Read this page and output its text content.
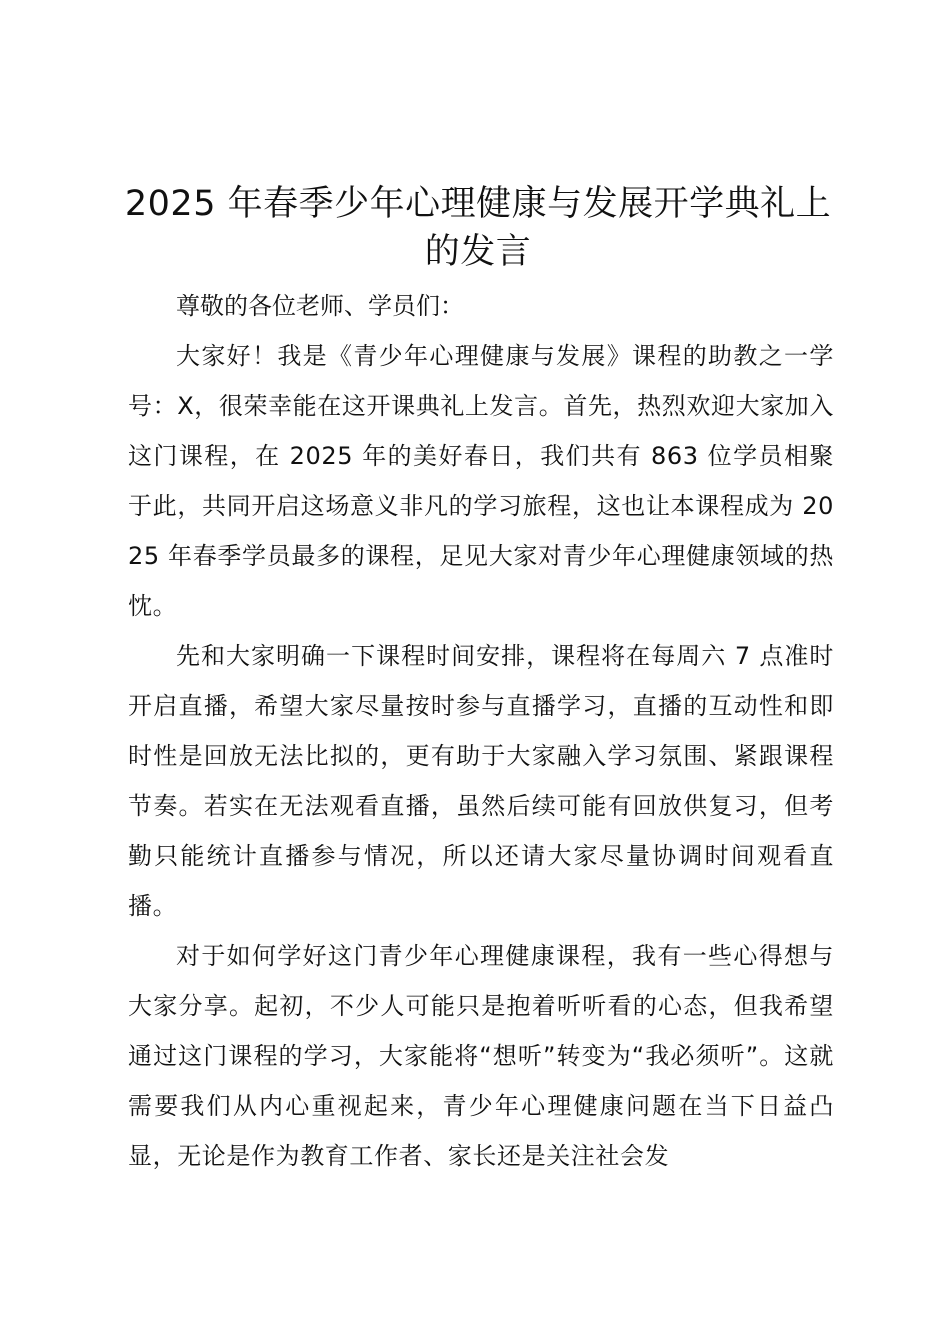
2025 年春季少年心理健康与发展开学典礼上的发言

尊敬的各位老师、学员们：

大家好！我是《青少年心理健康与发展》课程的助教之一学号：X，很荣幸能在这开课典礼上发言。首先，热烈欢迎大家加入这门课程，在 2025 年的美好春日，我们共有 863 位学员相聚于此，共同开启这场意义非凡的学习旅程，这也让本课程成为 2025 年春季学员最多的课程，足见大家对青少年心理健康领域的热忱。

先和大家明确一下课程时间安排，课程将在每周六 7 点准时开启直播，希望大家尽量按时参与直播学习，直播的互动性和即时性是回放无法比拟的，更有助于大家融入学习氛围、紧跟课程节奏。若实在无法观看直播，虽然后续可能有回放供复习，但考勤只能统计直播参与情况，所以还请大家尽量协调时间观看直播。

对于如何学好这门青少年心理健康课程，我有一些心得想与大家分享。起初，不少人可能只是抱着听听看的心态，但我希望通过这门课程的学习，大家能将“想听”转变为“我必须听”。这就需要我们从内心重视起来，青少年心理健康问题在当下日益凸显，无论是作为教育工作者、家长还是关注社会发
